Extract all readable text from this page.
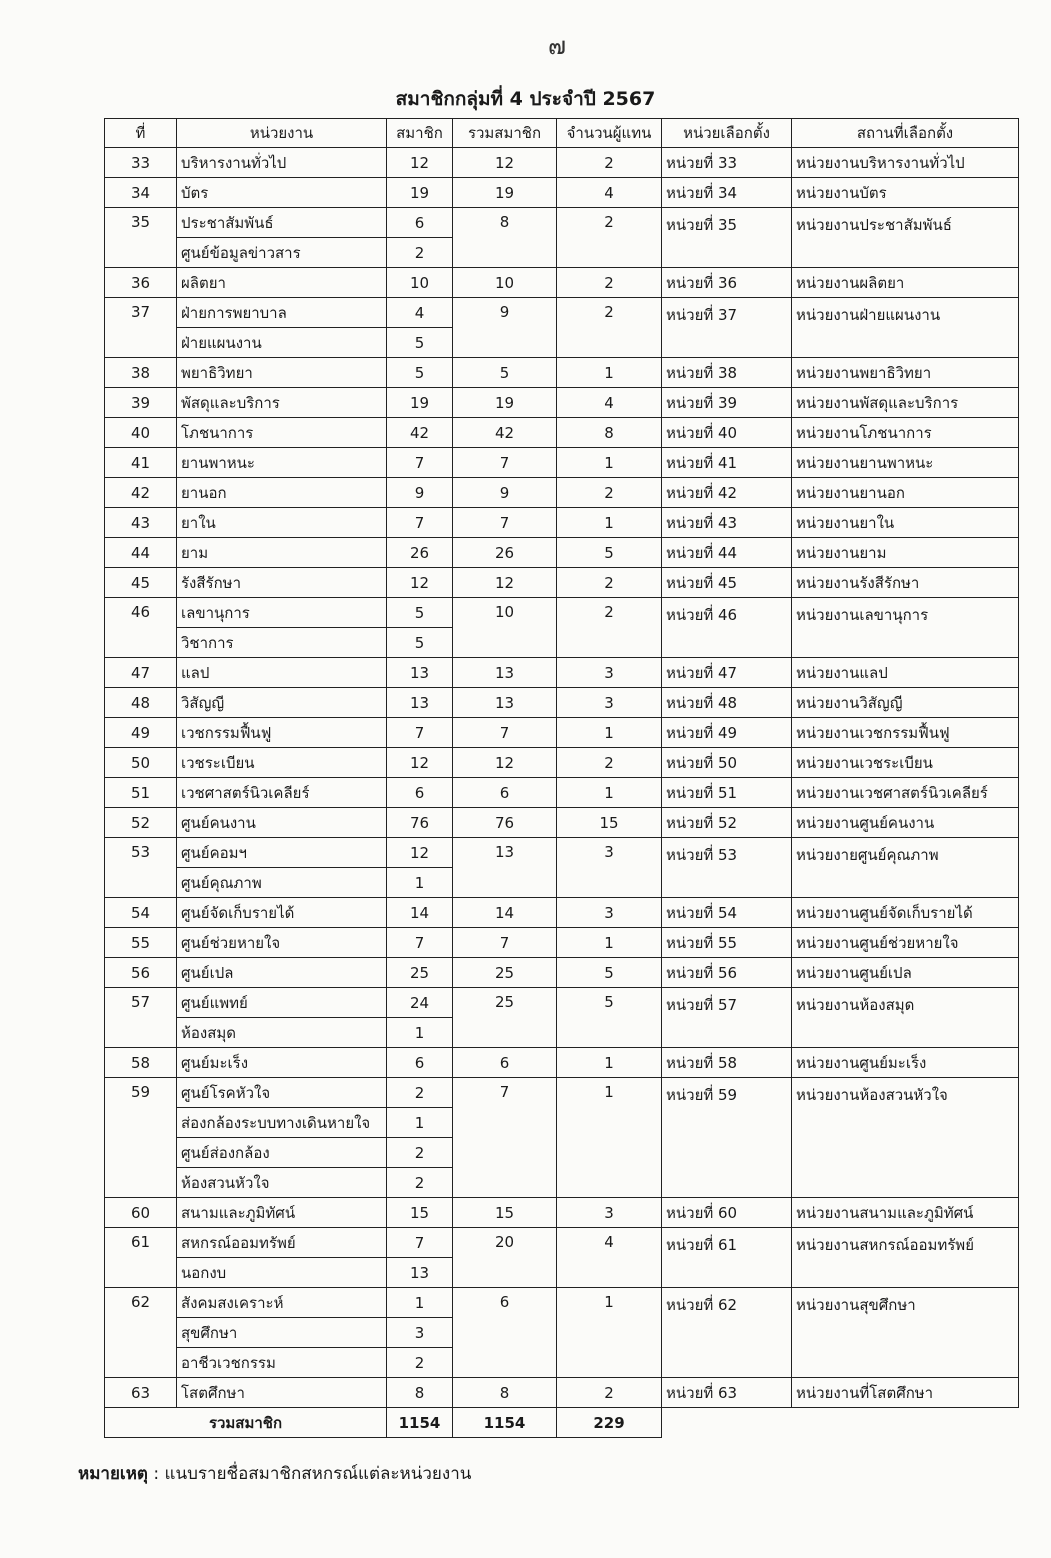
๗
สมาชิกกลุ่มที่ 4 ประจำปี 2567
ที่	หน่วยงาน	สมาชิก	รวมสมาชิก	จำนวนผู้แทน	หน่วยเลือกตั้ง	สถานที่เลือกตั้ง
33	บริหารงานทั่วไป	12	12	2	หน่วยที่ 33	หน่วยงานบริหารงานทั่วไป
34	บัตร	19	19	4	หน่วยที่ 34	หน่วยงานบัตร
35	ประชาสัมพันธ์	6	8	2	หน่วยที่ 35	หน่วยงานประชาสัมพันธ์
	ศูนย์ข้อมูลข่าวสาร	2				
36	ผลิตยา	10	10	2	หน่วยที่ 36	หน่วยงานผลิตยา
37	ฝ่ายการพยาบาล	4	9	2	หน่วยที่ 37	หน่วยงานฝ่ายแผนงาน
	ฝ่ายแผนงาน	5				
38	พยาธิวิทยา	5	5	1	หน่วยที่ 38	หน่วยงานพยาธิวิทยา
39	พัสดุและบริการ	19	19	4	หน่วยที่ 39	หน่วยงานพัสดุและบริการ
40	โภชนาการ	42	42	8	หน่วยที่ 40	หน่วยงานโภชนาการ
41	ยานพาหนะ	7	7	1	หน่วยที่ 41	หน่วยงานยานพาหนะ
42	ยานอก	9	9	2	หน่วยที่ 42	หน่วยงานยานอก
43	ยาใน	7	7	1	หน่วยที่ 43	หน่วยงานยาใน
44	ยาม	26	26	5	หน่วยที่ 44	หน่วยงานยาม
45	รังสีรักษา	12	12	2	หน่วยที่ 45	หน่วยงานรังสีรักษา
46	เลขานุการ	5	10	2	หน่วยที่ 46	หน่วยงานเลขานุการ
	วิชาการ	5				
47	แลป	13	13	3	หน่วยที่ 47	หน่วยงานแลป
48	วิสัญญี	13	13	3	หน่วยที่ 48	หน่วยงานวิสัญญี
49	เวชกรรมฟื้นฟู	7	7	1	หน่วยที่ 49	หน่วยงานเวชกรรมฟื้นฟู
50	เวชระเบียน	12	12	2	หน่วยที่ 50	หน่วยงานเวชระเบียน
51	เวชศาสตร์นิวเคลียร์	6	6	1	หน่วยที่ 51	หน่วยงานเวชศาสตร์นิวเคลียร์
52	ศูนย์คนงาน	76	76	15	หน่วยที่ 52	หน่วยงานศูนย์คนงาน
53	ศูนย์คอมฯ	12	13	3	หน่วยที่ 53	หน่วยงายศูนย์คุณภาพ
	ศูนย์คุณภาพ	1				
54	ศูนย์จัดเก็บรายได้	14	14	3	หน่วยที่ 54	หน่วยงานศูนย์จัดเก็บรายได้
55	ศูนย์ช่วยหายใจ	7	7	1	หน่วยที่ 55	หน่วยงานศูนย์ช่วยหายใจ
56	ศูนย์เปล	25	25	5	หน่วยที่ 56	หน่วยงานศูนย์เปล
57	ศูนย์แพทย์	24	25	5	หน่วยที่ 57	หน่วยงานห้องสมุด
	ห้องสมุด	1				
58	ศูนย์มะเร็ง	6	6	1	หน่วยที่ 58	หน่วยงานศูนย์มะเร็ง
59	ศูนย์โรคหัวใจ	2	7	1	หน่วยที่ 59	หน่วยงานห้องสวนหัวใจ
	ส่องกล้องระบบทางเดินหายใจ	1				
	ศูนย์ส่องกล้อง	2				
	ห้องสวนหัวใจ	2				
60	สนามและภูมิทัศน์	15	15	3	หน่วยที่ 60	หน่วยงานสนามและภูมิทัศน์
61	สหกรณ์ออมทรัพย์	7	20	4	หน่วยที่ 61	หน่วยงานสหกรณ์ออมทรัพย์
	นอกงบ	13				
62	สังคมสงเคราะห์	1	6	1	หน่วยที่ 62	หน่วยงานสุขศึกษา
	สุขศึกษา	3				
	อาชีวเวชกรรม	2				
63	โสตศึกษา	8	8	2	หน่วยที่ 63	หน่วยงานที่โสตศึกษา
รวมสมาชิก		1154	1154	229		
หมายเหตุ : แนบรายชื่อสมาชิกสหกรณ์แต่ละหน่วยงาน
